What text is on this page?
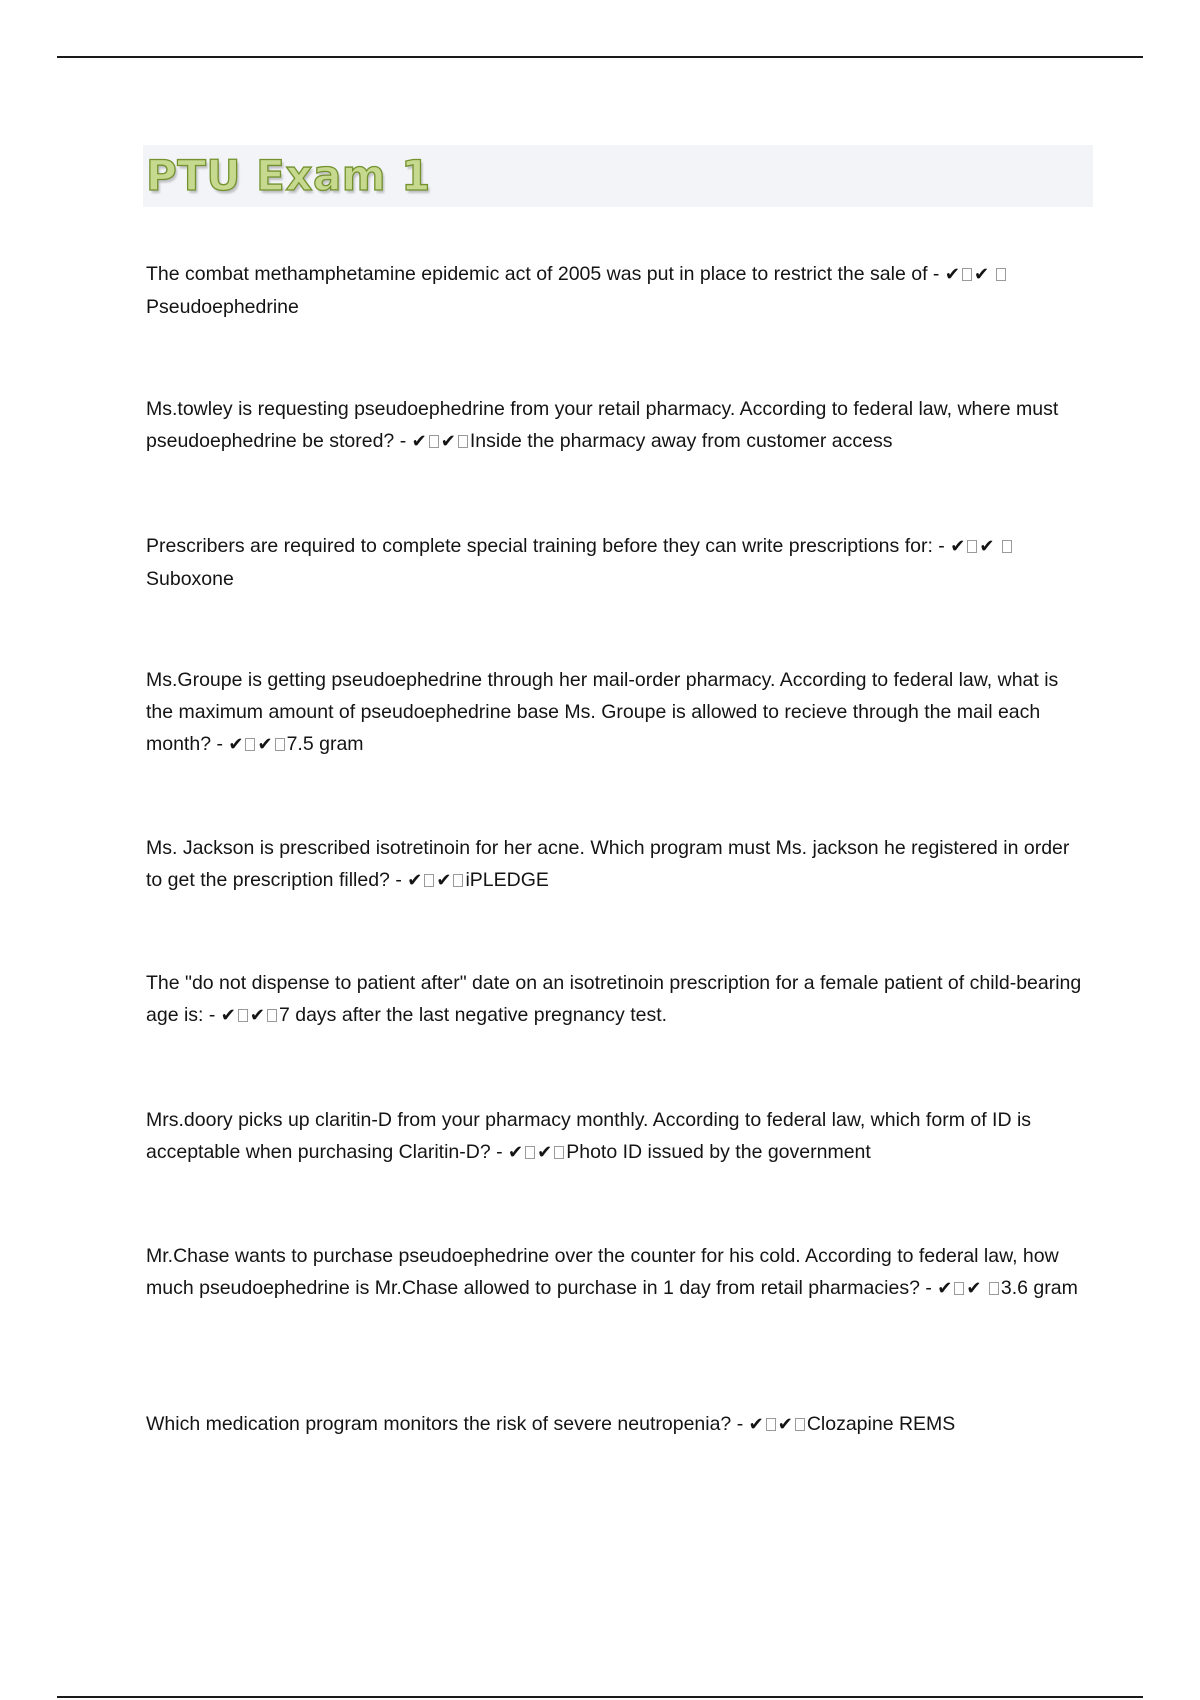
PTU Exam 1
The combat methamphetamine epidemic act of 2005 was put in place to restrict the sale of - ✔ ✔ Pseudoephedrine
Ms.towley is requesting pseudoephedrine from your retail pharmacy. According to federal law, where must pseudoephedrine be stored? - ✔ ✔ Inside the pharmacy away from customer access
Prescribers are required to complete special training before they can write prescriptions for: - ✔ ✔ Suboxone
Ms.Groupe is getting pseudoephedrine through her mail-order pharmacy. According to federal law, what is the maximum amount of pseudoephedrine base Ms. Groupe is allowed to recieve through the mail each month? - ✔ ✔ 7.5 gram
Ms. Jackson is prescribed isotretinoin for her acne. Which program must Ms. jackson he registered in order to get the prescription filled? - ✔ ✔ iPLEDGE
The "do not dispense to patient after" date on an isotretinoin prescription for a female patient of child-bearing age is: - ✔ ✔ 7 days after the last negative pregnancy test.
Mrs.doory picks up claritin-D from your pharmacy monthly. According to federal law, which form of ID is acceptable when purchasing Claritin-D? - ✔ ✔ Photo ID issued by the government
Mr.Chase wants to purchase pseudoephedrine over the counter for his cold. According to federal law, how much pseudoephedrine is Mr.Chase allowed to purchase in 1 day from retail pharmacies? - ✔ ✔ 3.6 gram
Which medication program monitors the risk of severe neutropenia? - ✔ ✔ Clozapine REMS
